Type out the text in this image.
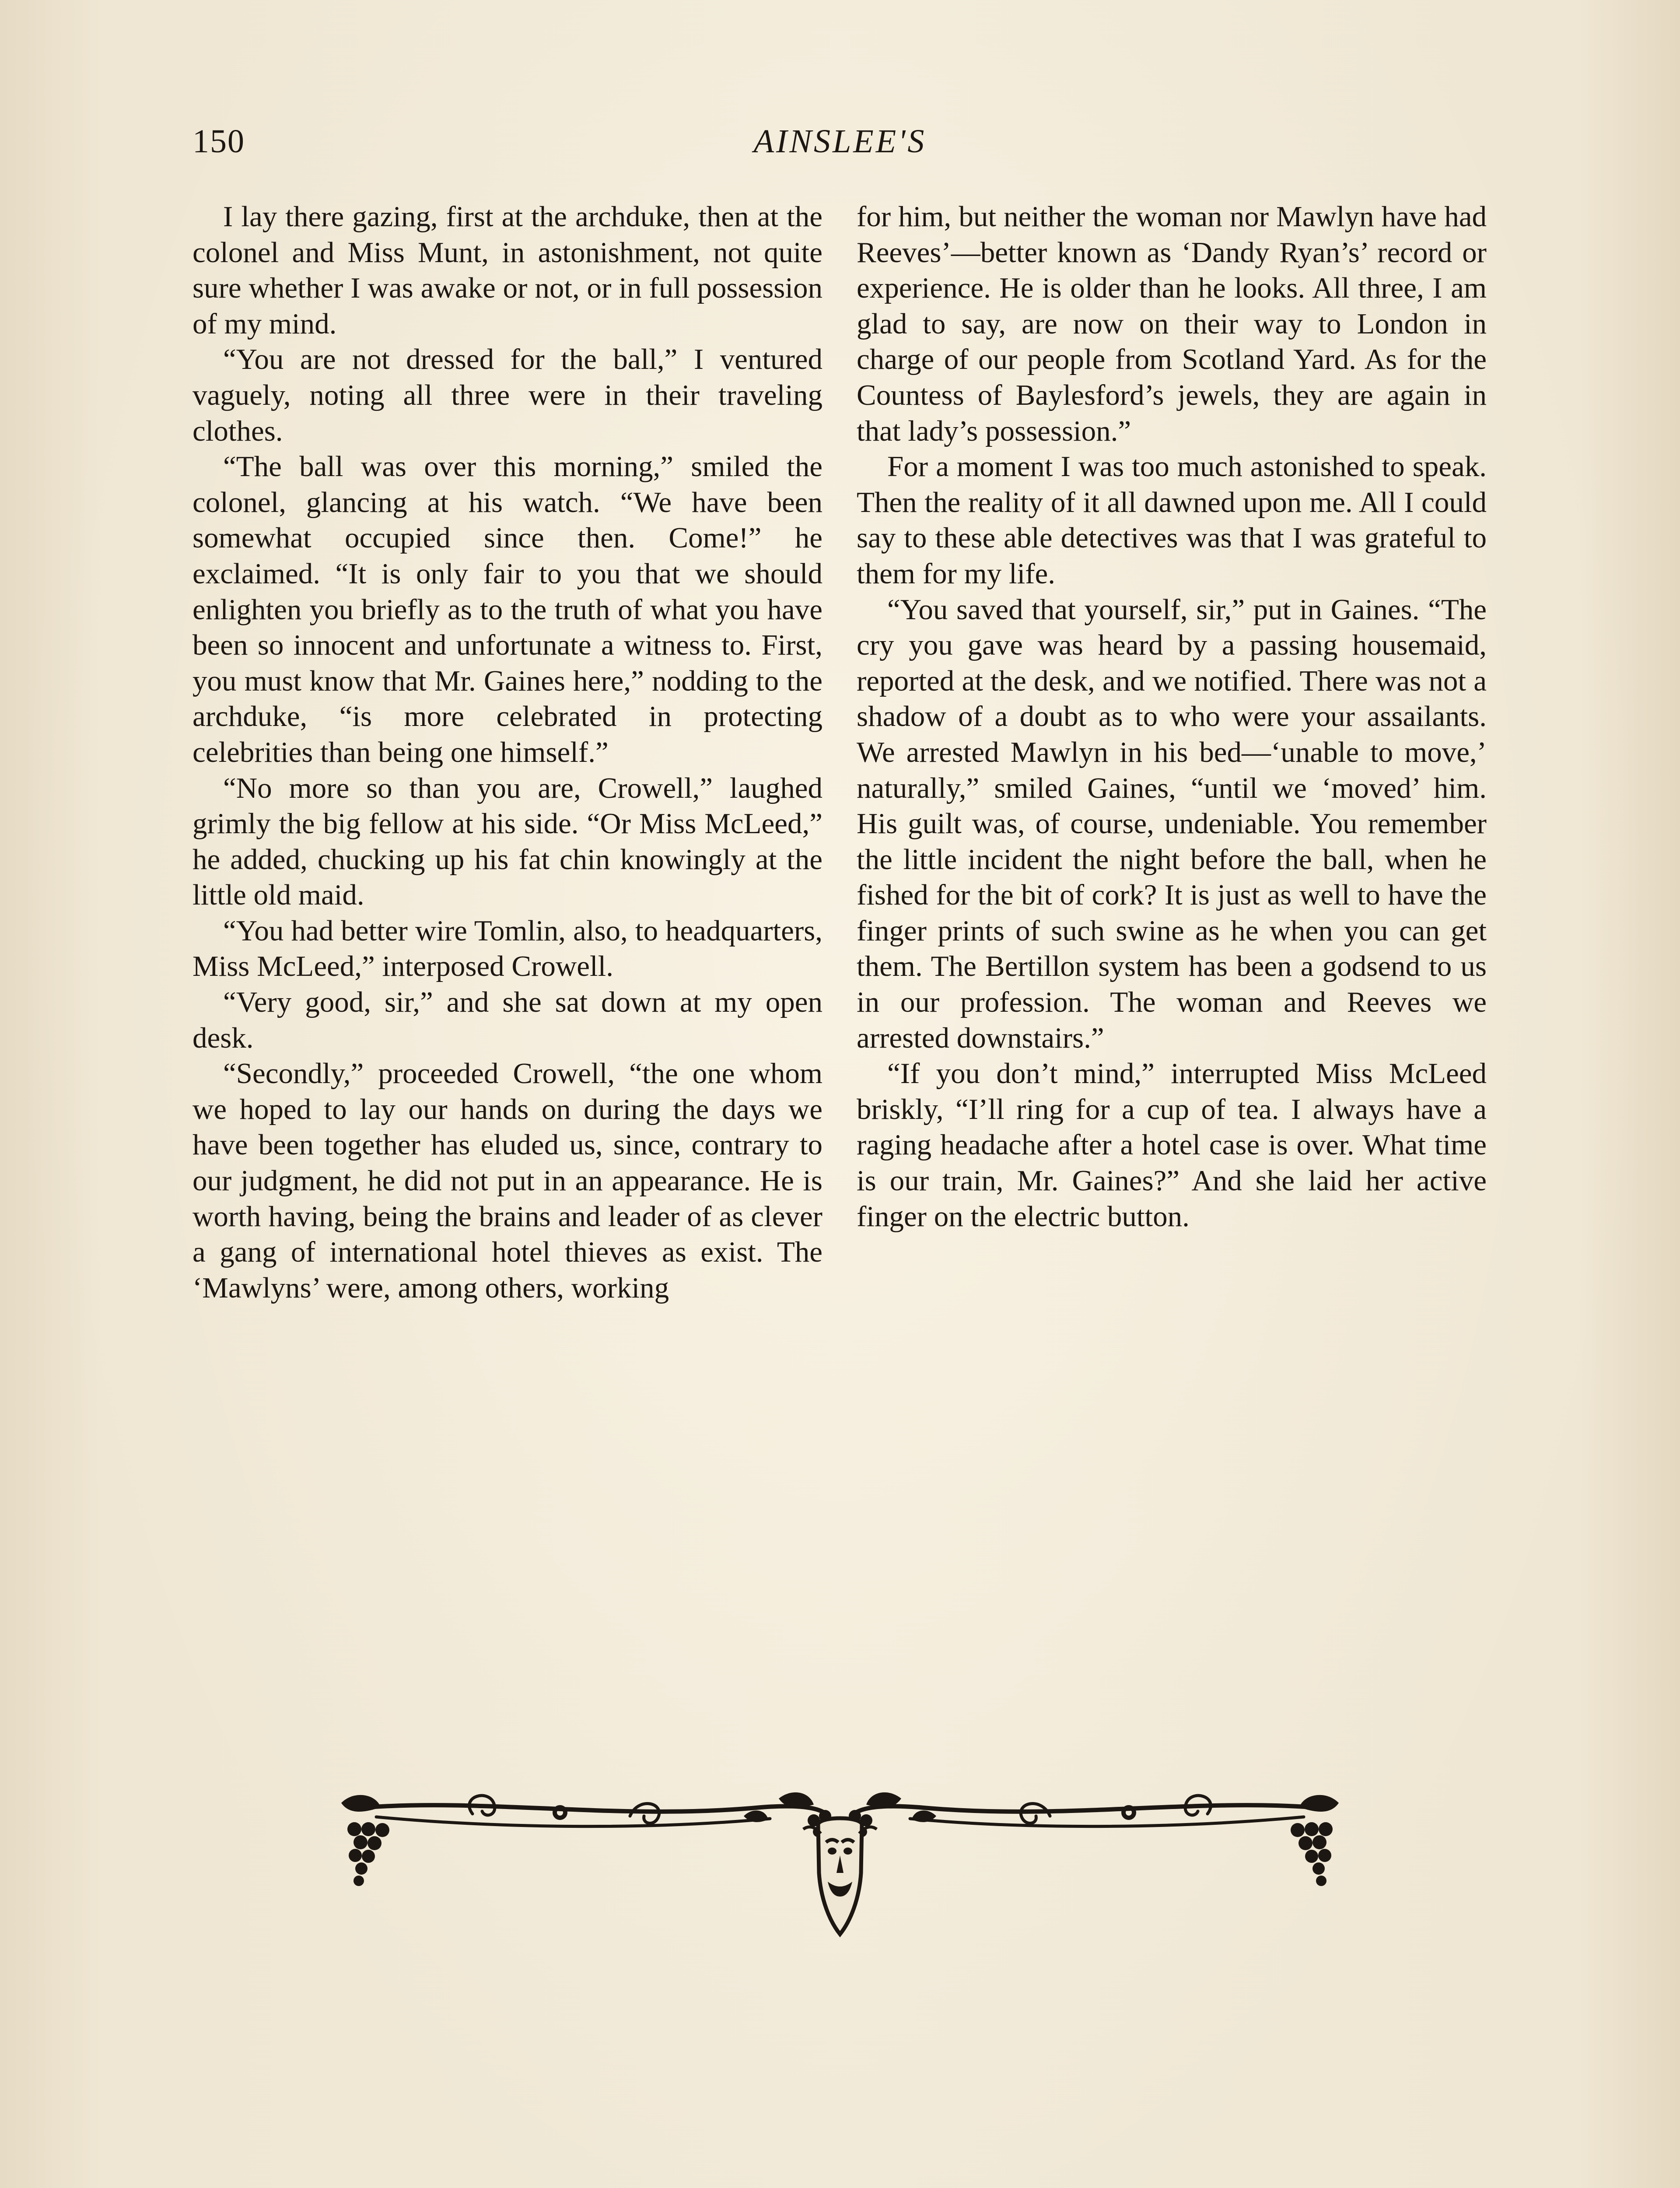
150	AINSLEE'S

I lay there gazing, first at the archduke, then at the colonel and Miss Munt, in astonishment, not quite sure whether I was awake or not, or in full possession of my mind.

“You are not dressed for the ball,” I ventured vaguely, noting all three were in their traveling clothes.

“The ball was over this morning,” smiled the colonel, glancing at his watch. “We have been somewhat occupied since then. Come!” he exclaimed. “It is only fair to you that we should enlighten you briefly as to the truth of what you have been so innocent and unfortunate a witness to. First, you must know that Mr. Gaines here,” nodding to the archduke, “is more celebrated in protecting celebrities than being one himself.”

“No more so than you are, Crowell,” laughed grimly the big fellow at his side. “Or Miss McLeed,” he added, chucking up his fat chin knowingly at the little old maid.

“You had better wire Tomlin, also, to headquarters, Miss McLeed,” interposed Crowell.

“Very good, sir,” and she sat down at my open desk.

“Secondly,” proceeded Crowell, “the one whom we hoped to lay our hands on during the days we have been together has eluded us, since, contrary to our judgment, he did not put in an appearance. He is worth having, being the brains and leader of as clever a gang of international hotel thieves as exist. The ‘Mawlyns’ were, among others, working

for him, but neither the woman nor Mawlyn have had Reeves’—better known as ‘Dandy Ryan’s’ record or experience. He is older than he looks. All three, I am glad to say, are now on their way to London in charge of our people from Scotland Yard. As for the Countess of Baylesford’s jewels, they are again in that lady’s possession.”

For a moment I was too much astonished to speak. Then the reality of it all dawned upon me. All I could say to these able detectives was that I was grateful to them for my life.

“You saved that yourself, sir,” put in Gaines. “The cry you gave was heard by a passing housemaid, reported at the desk, and we notified. There was not a shadow of a doubt as to who were your assailants. We arrested Mawlyn in his bed—‘unable to move,’ naturally,” smiled Gaines, “until we ‘moved’ him. His guilt was, of course, undeniable. You remember the little incident the night before the ball, when he fished for the bit of cork? It is just as well to have the finger prints of such swine as he when you can get them. The Bertillon system has been a godsend to us in our profession. The woman and Reeves we arrested downstairs.”

“If you don’t mind,” interrupted Miss McLeed briskly, “I’ll ring for a cup of tea. I always have a raging headache after a hotel case is over. What time is our train, Mr. Gaines?” And she laid her active finger on the electric button.
